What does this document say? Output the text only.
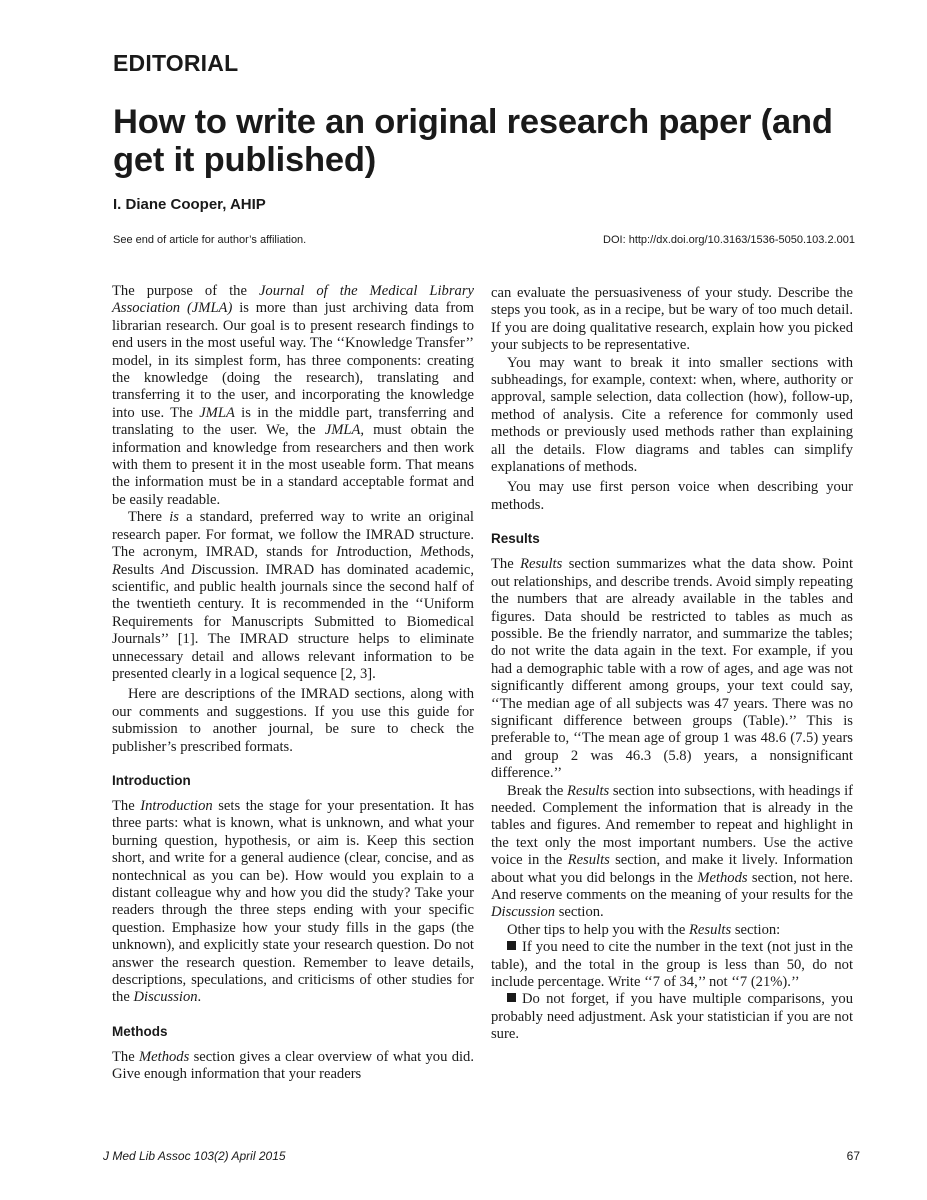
EDITORIAL
How to write an original research paper (and get it published)
I. Diane Cooper, AHIP
See end of article for author’s affiliation.	DOI: http://dx.doi.org/10.3163/1536-5050.103.2.001

The purpose of the Journal of the Medical Library Association (JMLA) is more than just archiving data from librarian research. Our goal is to present research findings to end users in the most useful way. The ‘‘Knowledge Transfer’’ model, in its simplest form, has three components: creating the knowledge (doing the research), translating and transferring it to the user, and incorporating the knowledge into use. The JMLA is in the middle part, transferring and translating to the user. We, the JMLA, must obtain the information and knowledge from researchers and then work with them to present it in the most useable form. That means the information must be in a standard acceptable format and be easily readable.

There is a standard, preferred way to write an original research paper. For format, we follow the IMRAD structure. The acronym, IMRAD, stands for Introduction, Methods, Results And Discussion. IMRAD has dominated academic, scientific, and public health journals since the second half of the twentieth century. It is recommended in the ‘‘Uniform Requirements for Manuscripts Submitted to Biomedical Journals’’ [1]. The IMRAD structure helps to eliminate unnecessary detail and allows relevant information to be presented clearly in a logical sequence [2, 3].

Here are descriptions of the IMRAD sections, along with our comments and suggestions. If you use this guide for submission to another journal, be sure to check the publisher’s prescribed formats.

Introduction

The Introduction sets the stage for your presentation. It has three parts: what is known, what is unknown, and what your burning question, hypothesis, or aim is. Keep this section short, and write for a general audience (clear, concise, and as nontechnical as you can be). How would you explain to a distant colleague why and how you did the study? Take your readers through the three steps ending with your specific question. Emphasize how your study fills in the gaps (the unknown), and explicitly state your research question. Do not answer the research question. Remember to leave details, descriptions, speculations, and criticisms of other studies for the Discussion.

Methods

The Methods section gives a clear overview of what you did. Give enough information that your readers

can evaluate the persuasiveness of your study. Describe the steps you took, as in a recipe, but be wary of too much detail. If you are doing qualitative research, explain how you picked your subjects to be representative.

You may want to break it into smaller sections with subheadings, for example, context: when, where, authority or approval, sample selection, data collection (how), follow-up, method of analysis. Cite a reference for commonly used methods or previously used methods rather than explaining all the details. Flow diagrams and tables can simplify explanations of methods.

You may use first person voice when describing your methods.

Results

The Results section summarizes what the data show. Point out relationships, and describe trends. Avoid simply repeating the numbers that are already available in the tables and figures. Data should be restricted to tables as much as possible. Be the friendly narrator, and summarize the tables; do not write the data again in the text. For example, if you had a demographic table with a row of ages, and age was not significantly different among groups, your text could say, ‘‘The median age of all subjects was 47 years. There was no significant difference between groups (Table).’’ This is preferable to, ‘‘The mean age of group 1 was 48.6 (7.5) years and group 2 was 46.3 (5.8) years, a nonsignificant difference.’’

Break the Results section into subsections, with headings if needed. Complement the information that is already in the tables and figures. And remember to repeat and highlight in the text only the most important numbers. Use the active voice in the Results section, and make it lively. Information about what you did belongs in the Methods section, not here. And reserve comments on the meaning of your results for the Discussion section.

Other tips to help you with the Results section:

If you need to cite the number in the text (not just in the table), and the total in the group is less than 50, do not include percentage. Write ‘‘7 of 34,’’ not ‘‘7 (21%).’’

Do not forget, if you have multiple comparisons, you probably need adjustment. Ask your statistician if you are not sure.

J Med Lib Assoc 103(2) April 2015	67
